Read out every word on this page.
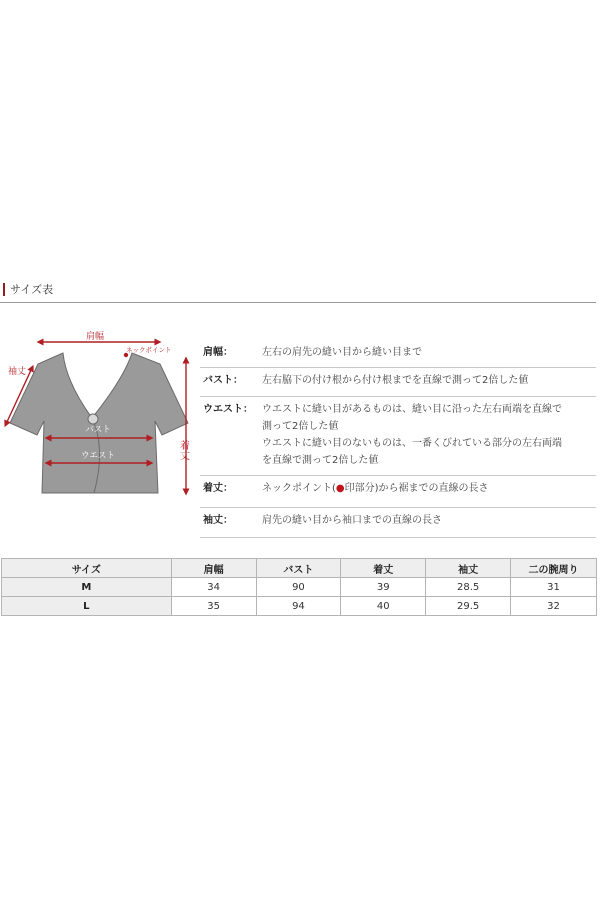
サイズ表
肩幅
ネックポイント
袖丈
バスト
ウエスト	着丈
肩幅：	左右の肩先の縫い目から縫い目まで
バスト： 左右脇下の付け根から付け根までを直線で測って2倍した値
ウエスト： ウエストに縫い目があるものは、縫い目に沿った左右両端を直線で
測って2倍した値
ウエストに縫い目のないものは、一番くびれている部分の左右両端
を直線で測って2倍した値
着丈：	ネックポイント(●印部分)から裾までの直線の長さ
袖丈：	肩先の縫い目から袖口までの直線の長さ
サイズ	肩幅	バスト	着丈	袖丈	二の腕周り
M	34	90	39	28.5	31
L	35	94	40	29.5	32
